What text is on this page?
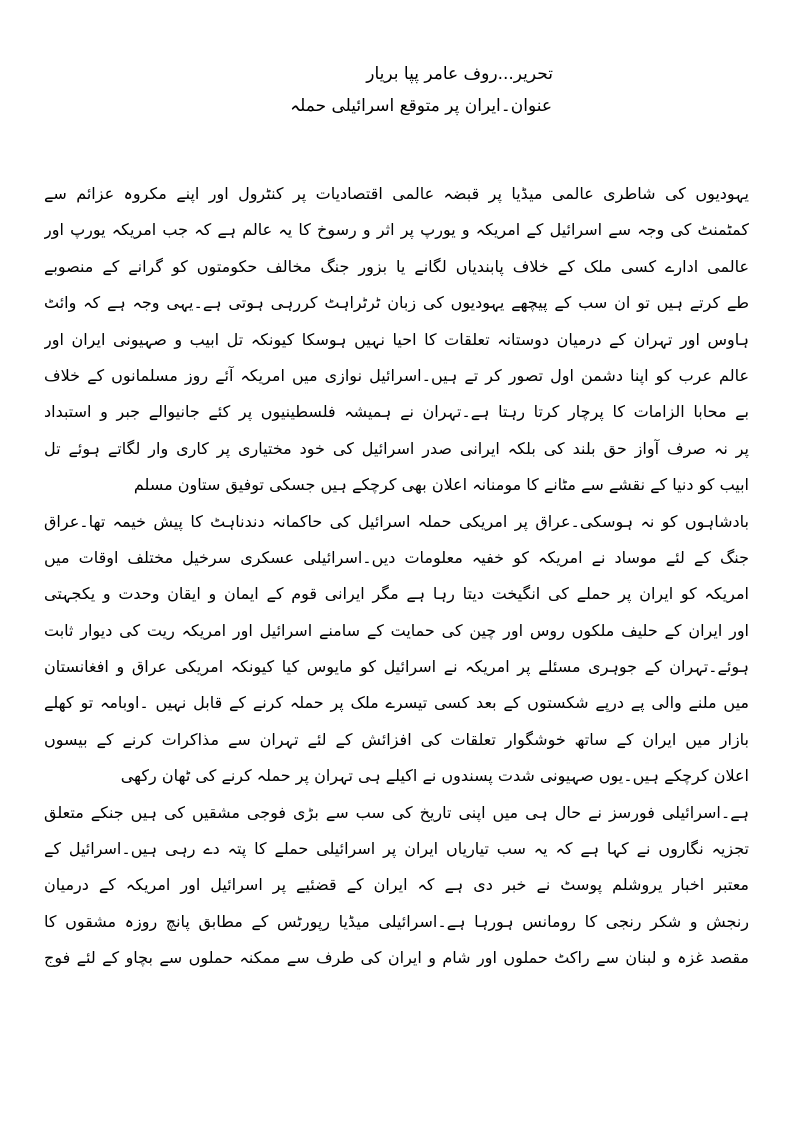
تحریر...روف عامر پپا بریار
عنوان۔ایران پر متوقع اسرائیلی حملہ
یہودیوں کی شاطری عالمی میڈیا پر قبضہ عالمی اقتصادیات پر کنٹرول اور اپنے مکروہ عزائم سے
کمٹمنٹ کی وجہ سے اسرائیل کے امریکہ و یورپ پر اثر و رسوخ کا یہ عالم ہے کہ جب امریکہ یورپ اور
عالمی ادارے کسی ملک کے خلاف پابندیاں لگانے یا بزور جنگ مخالف حکومتوں کو گرانے کے منصوبے
طے کرتے ہیں تو ان سب کے پیچھے یہودیوں کی زبان ٹرٹراہٹ کررہی ہوتی ہے۔یہی وجہ ہے کہ وائٹ
ہاوس اور تہران کے درمیان دوستانہ تعلقات کا احیا نہیں ہوسکا کیونکہ تل ابیب و صہیونی ایران اور
عالم عرب کو اپنا دشمن اول تصور کر تے ہیں۔اسرائیل نوازی میں امریکہ آئے روز مسلمانوں کے خلاف
بے محابا الزامات کا پرچار کرتا رہتا ہے۔تہران نے ہمیشہ فلسطینیوں پر کئے جانیوالے جبر و استبداد
پر نہ صرف آواز حق بلند کی بلکہ ایرانی صدر اسرائیل کی خود مختیاری پر کاری وار لگاتے ہوئے تل
ابیب کو دنیا کے نقشے سے مٹانے کا مومنانہ اعلان بھی کرچکے ہیں جسکی توفیق ستاون مسلم
بادشاہوں کو نہ ہوسکی۔عراق پر امریکی حملہ اسرائیل کی حاکمانہ دندناہٹ کا پیش خیمہ تھا۔عراق
جنگ کے لئے موساد نے امریکہ کو خفیہ معلومات دیں۔اسرائیلی عسکری سرخیل مختلف اوقات میں
امریکہ کو ایران پر حملے کی انگیخت دیتا رہا ہے مگر ایرانی قوم کے ایمان و ایقان وحدت و یکجہتی
اور ایران کے حلیف ملکوں روس اور چین کی حمایت کے سامنے اسرائیل اور امریکہ ریت کی دیوار ثابت
ہوئے۔تہران کے جوہری مسئلے پر امریکہ نے اسرائیل کو مایوس کیا کیونکہ امریکی عراق و افغانستان
میں ملنے والی پے درپے شکستوں کے بعد کسی تیسرے ملک پر حملہ کرنے کے قابل نہیں ۔اوبامہ تو کھلے
بازار میں ایران کے ساتھ خوشگوار تعلقات کی افزائش کے لئے تہران سے مذاکرات کرنے کے بیسوں
اعلان کرچکے ہیں۔یوں صہیونی شدت پسندوں نے اکیلے ہی تہران پر حملہ کرنے کی ٹھان رکھی
ہے۔اسرائیلی فورسز نے حال ہی میں اپنی تاریخ کی سب سے بڑی فوجی مشقیں کی ہیں جنکے متعلق
تجزیہ نگاروں نے کہا ہے کہ یہ سب تیاریاں ایران پر اسرائیلی حملے کا پتہ دے رہی ہیں۔اسرائیل کے
معتبر اخبار یروشلم پوسٹ نے خبر دی ہے کہ ایران کے قضئیے پر اسرائیل اور امریکہ کے درمیان
رنجش و شکر رنجی کا رومانس ہورہا ہے۔اسرائیلی میڈیا رپورٹس کے مطابق پانچ روزہ مشقوں کا
مقصد غزہ و لبنان سے راکٹ حملوں اور شام و ایران کی طرف سے ممکنہ حملوں سے بچاو کے لئے فوج
